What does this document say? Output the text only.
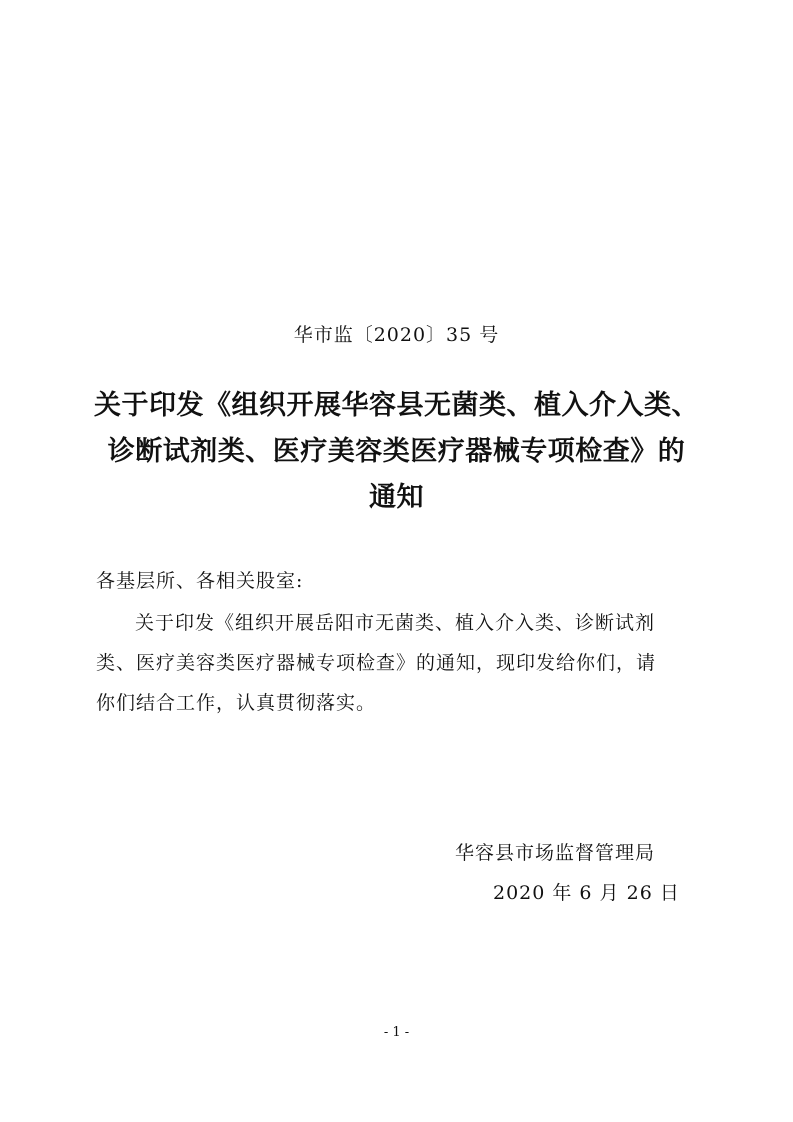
华市监〔2020〕35 号
关于印发《组织开展华容县无菌类、植入介入类、
诊断试剂类、医疗美容类医疗器械专项检查》的
通知
各基层所、各相关股室:
关于印发《组织开展岳阳市无菌类、植入介入类、诊断试剂
类、医疗美容类医疗器械专项检查》的通知，现印发给你们，请
你们结合工作，认真贯彻落实。
华容县市场监督管理局
2020 年 6 月 26 日
- 1 -
